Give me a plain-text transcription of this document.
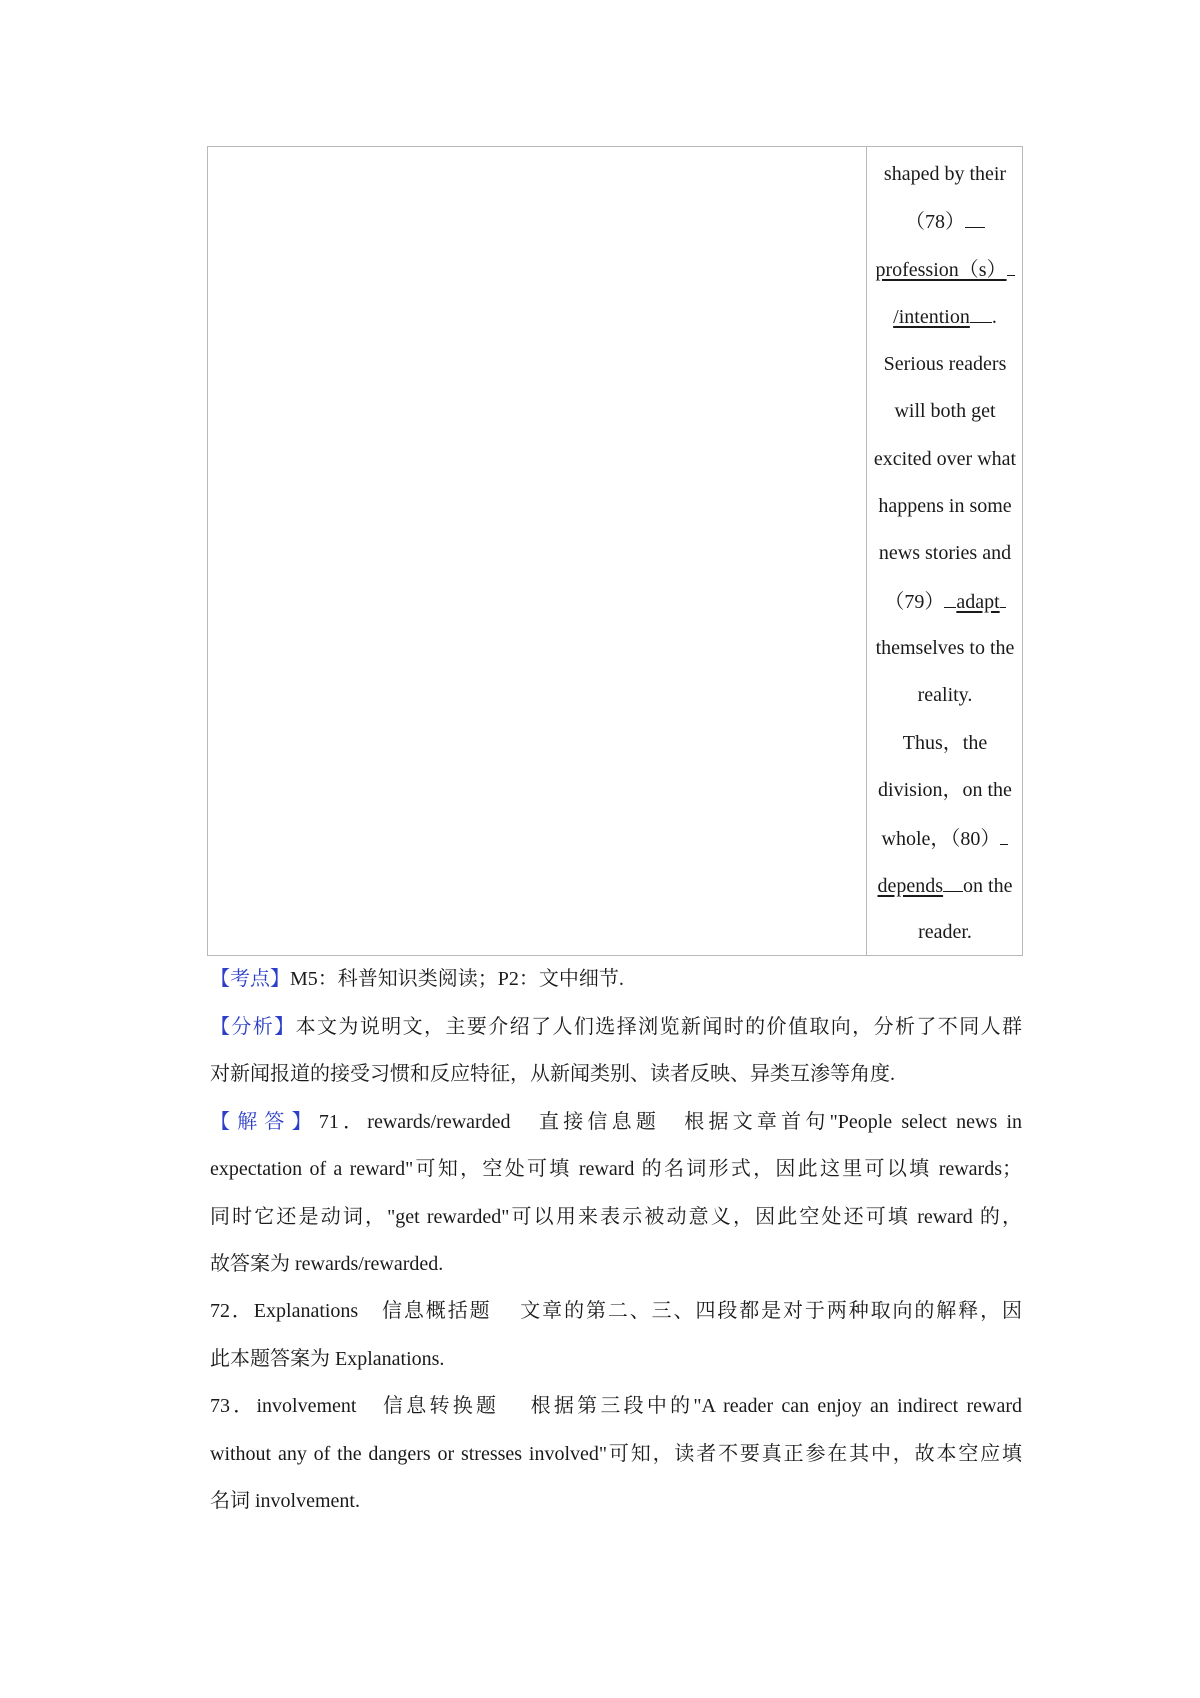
shaped by their
（78）
profession（s）
/intention .
Serious readers
will both get
excited over what
happens in some
news stories and
（79） adapt
themselves to the
reality.
Thus，the
division，on the
whole，（80）
depends on the
reader.
【考点】M5：科普知识类阅读；P2：文中细节.
【分析】本文为说明文，主要介绍了人们选择浏览新闻时的价值取向，分析了不同人群
对新闻报道的接受习惯和反应特征，从新闻类别、读者反映、异类互渗等角度.
【解答】71．rewards/rewarded　直接信息题　根据文章首句"People select news in
expectation of a reward"可知，空处可填 reward 的名词形式，因此这里可以填 rewards；
同时它还是动词，"get rewarded"可以用来表示被动意义，因此空处还可填 reward 的，
故答案为 rewards/rewarded.
72．Explanations　信息概括题　 文章的第二、三、四段都是对于两种取向的解释，因
此本题答案为 Explanations.
73．involvement　信息转换题　 根据第三段中的"A reader can enjoy an indirect reward
without any of the dangers or stresses involved"可知，读者不要真正参在其中，故本空应填
名词 involvement.
